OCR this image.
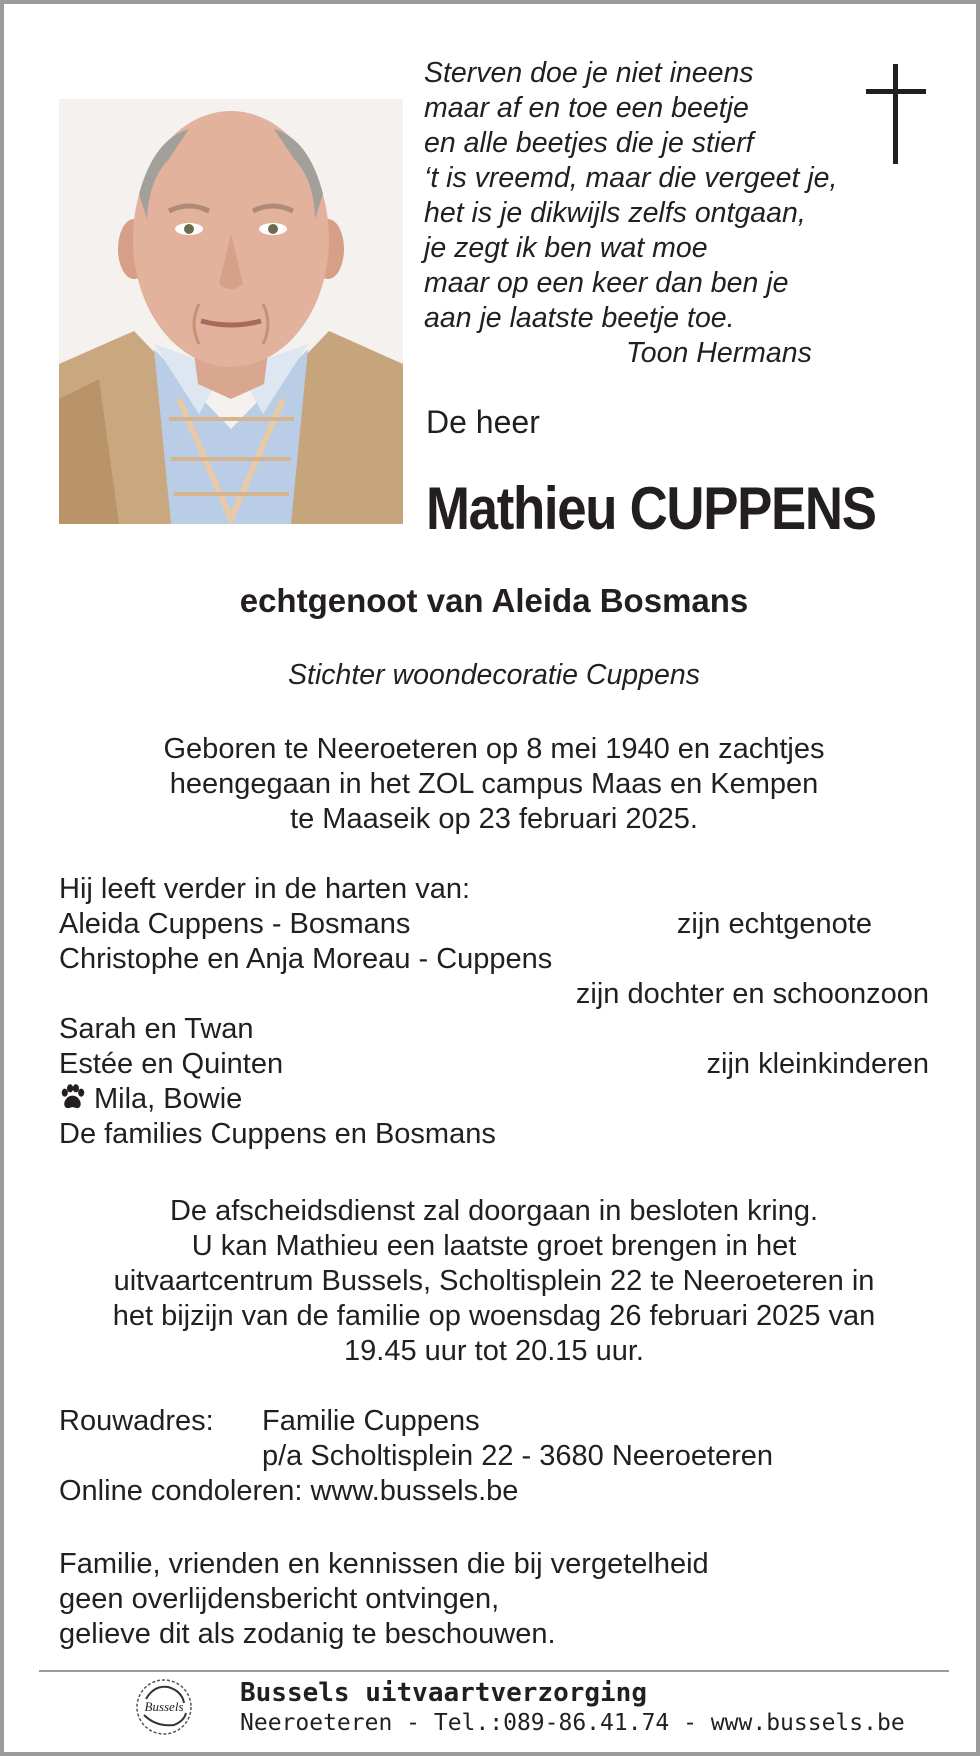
Sterven doe je niet ineens
maar af en toe een beetje
en alle beetjes die je stierf
‘t is vreemd, maar die vergeet je,
het is je dikwijls zelfs ontgaan,
je zegt ik ben wat moe
maar op een keer dan ben je
aan je laatste beetje toe.
Toon Hermans
De heer
Mathieu CUPPENS
echtgenoot van Aleida Bosmans
Stichter woondecoratie Cuppens
Geboren te Neeroeteren op 8 mei 1940 en zachtjes
heengegaan in het ZOL campus Maas en Kempen
te Maaseik op 23 februari 2025.
Hij leeft verder in de harten van:
Aleida Cuppens - Bosmans	zijn echtgenote
Christophe en Anja Moreau - Cuppens
zijn dochter en schoonzoon
Sarah en Twan
Estée en Quinten	zijn kleinkinderen
Mila, Bowie
De families Cuppens en Bosmans
De afscheidsdienst zal doorgaan in besloten kring.
U kan Mathieu een laatste groet brengen in het
uitvaartcentrum Bussels, Scholtisplein 22 te Neeroeteren in
het bijzijn van de familie op woensdag 26 februari 2025 van
19.45 uur tot 20.15 uur.
Rouwadres: Familie Cuppens
p/a Scholtisplein 22 - 3680 Neeroeteren
Online condoleren: www.bussels.be
Familie, vrienden en kennissen die bij vergetelheid
geen overlijdensbericht ontvingen,
gelieve dit als zodanig te beschouwen.
Bussels Bussels uitvaartverzorging
Neeroeteren - Tel.:089-86.41.74 - www.bussels.be
